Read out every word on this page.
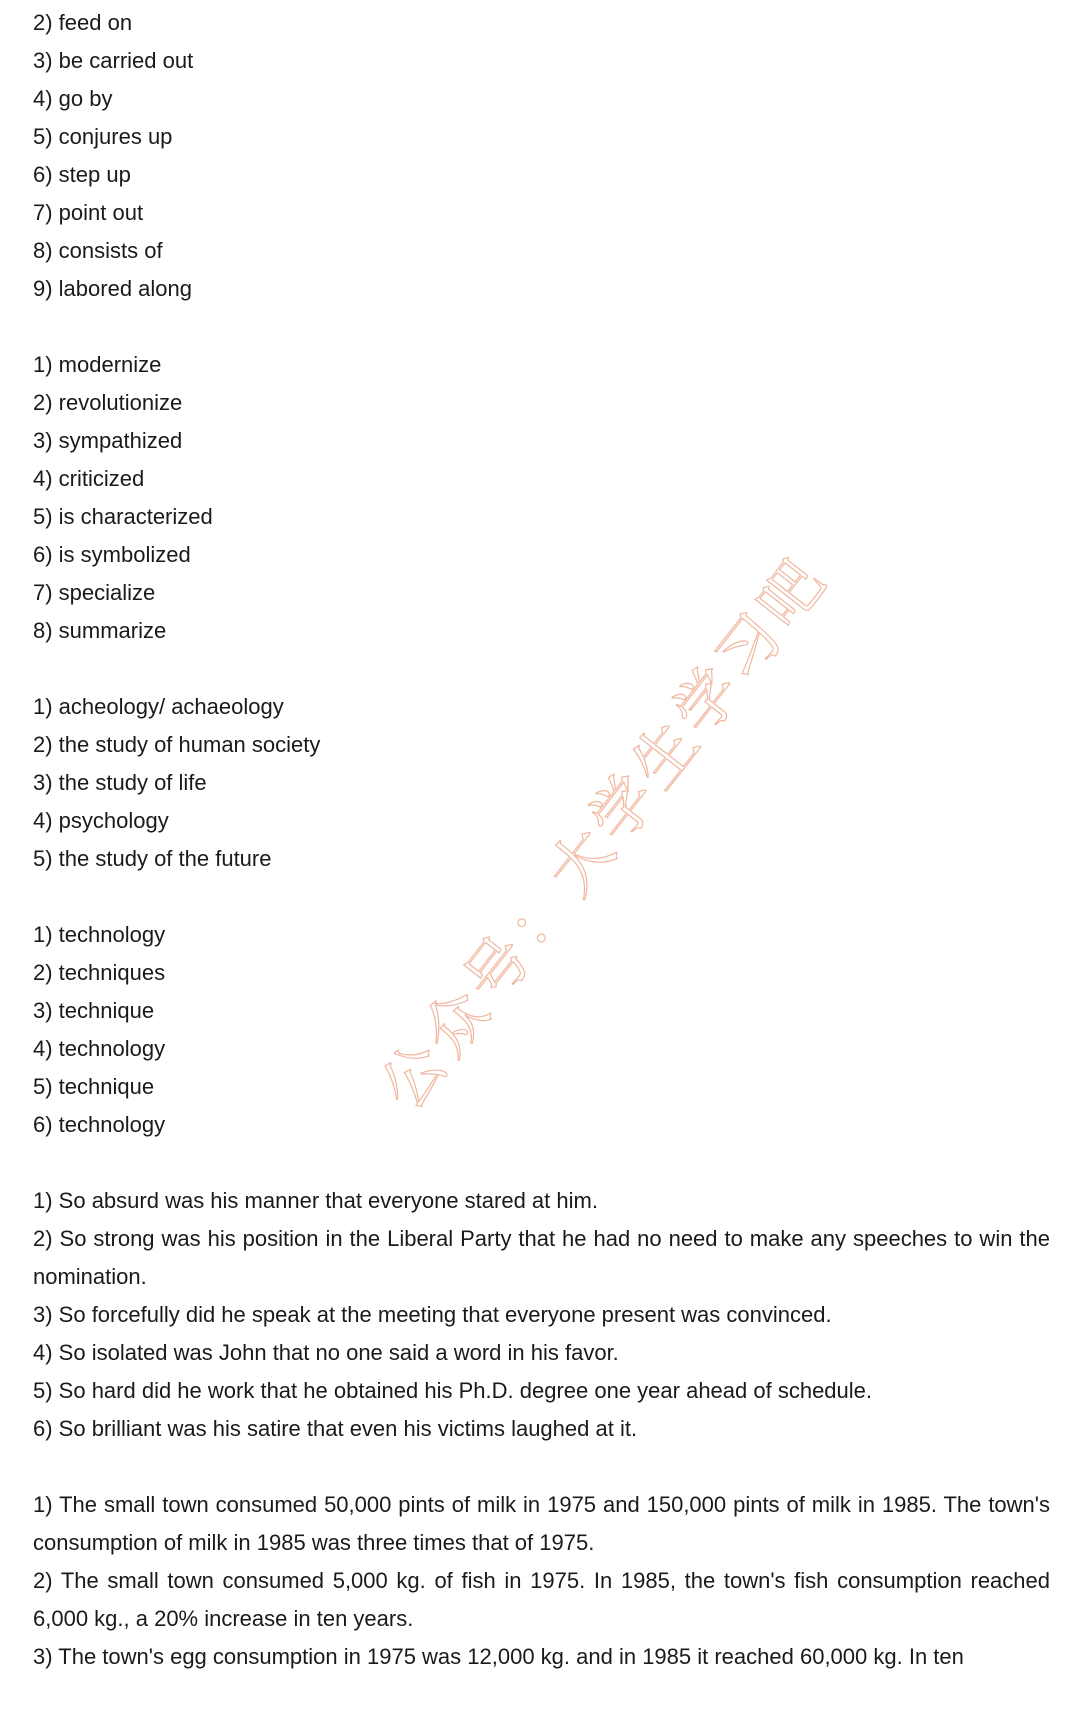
2) feed on

3) be carried out

4) go by

5) conjures up

6) step up

7) point out

8) consists of

9) labored along

1) modernize

2) revolutionize

3) sympathized

4) criticized

5) is characterized

6) is symbolized

7) specialize

8) summarize

1) acheology/ achaeology

2) the study of human society

3) the study of life

4) psychology

5) the study of the future

1) technology

2) techniques

3) technique

4) technology

5) technique

6) technology

1) So absurd was his manner that everyone stared at him.

2) So strong was his position in the Liberal Party that he had no need to make any speeches to win the nomination.

3) So forcefully did he speak at the meeting that everyone present was convinced.

4) So isolated was John that no one said a word in his favor.

5) So hard did he work that he obtained his Ph.D. degree one year ahead of schedule.

6) So brilliant was his satire that even his victims laughed at it.

1) The small town consumed 50,000 pints of milk in 1975 and 150,000 pints of milk in 1985. The town's consumption of milk in 1985 was three times that of 1975.

2) The small town consumed 5,000 kg. of fish in 1975. In 1985, the town's fish consumption reached 6,000 kg., a 20% increase in ten years.

3) The town's egg consumption in 1975 was 12,000 kg. and in 1985 it reached 60,000 kg. In ten

公众号：大学生学习吧
